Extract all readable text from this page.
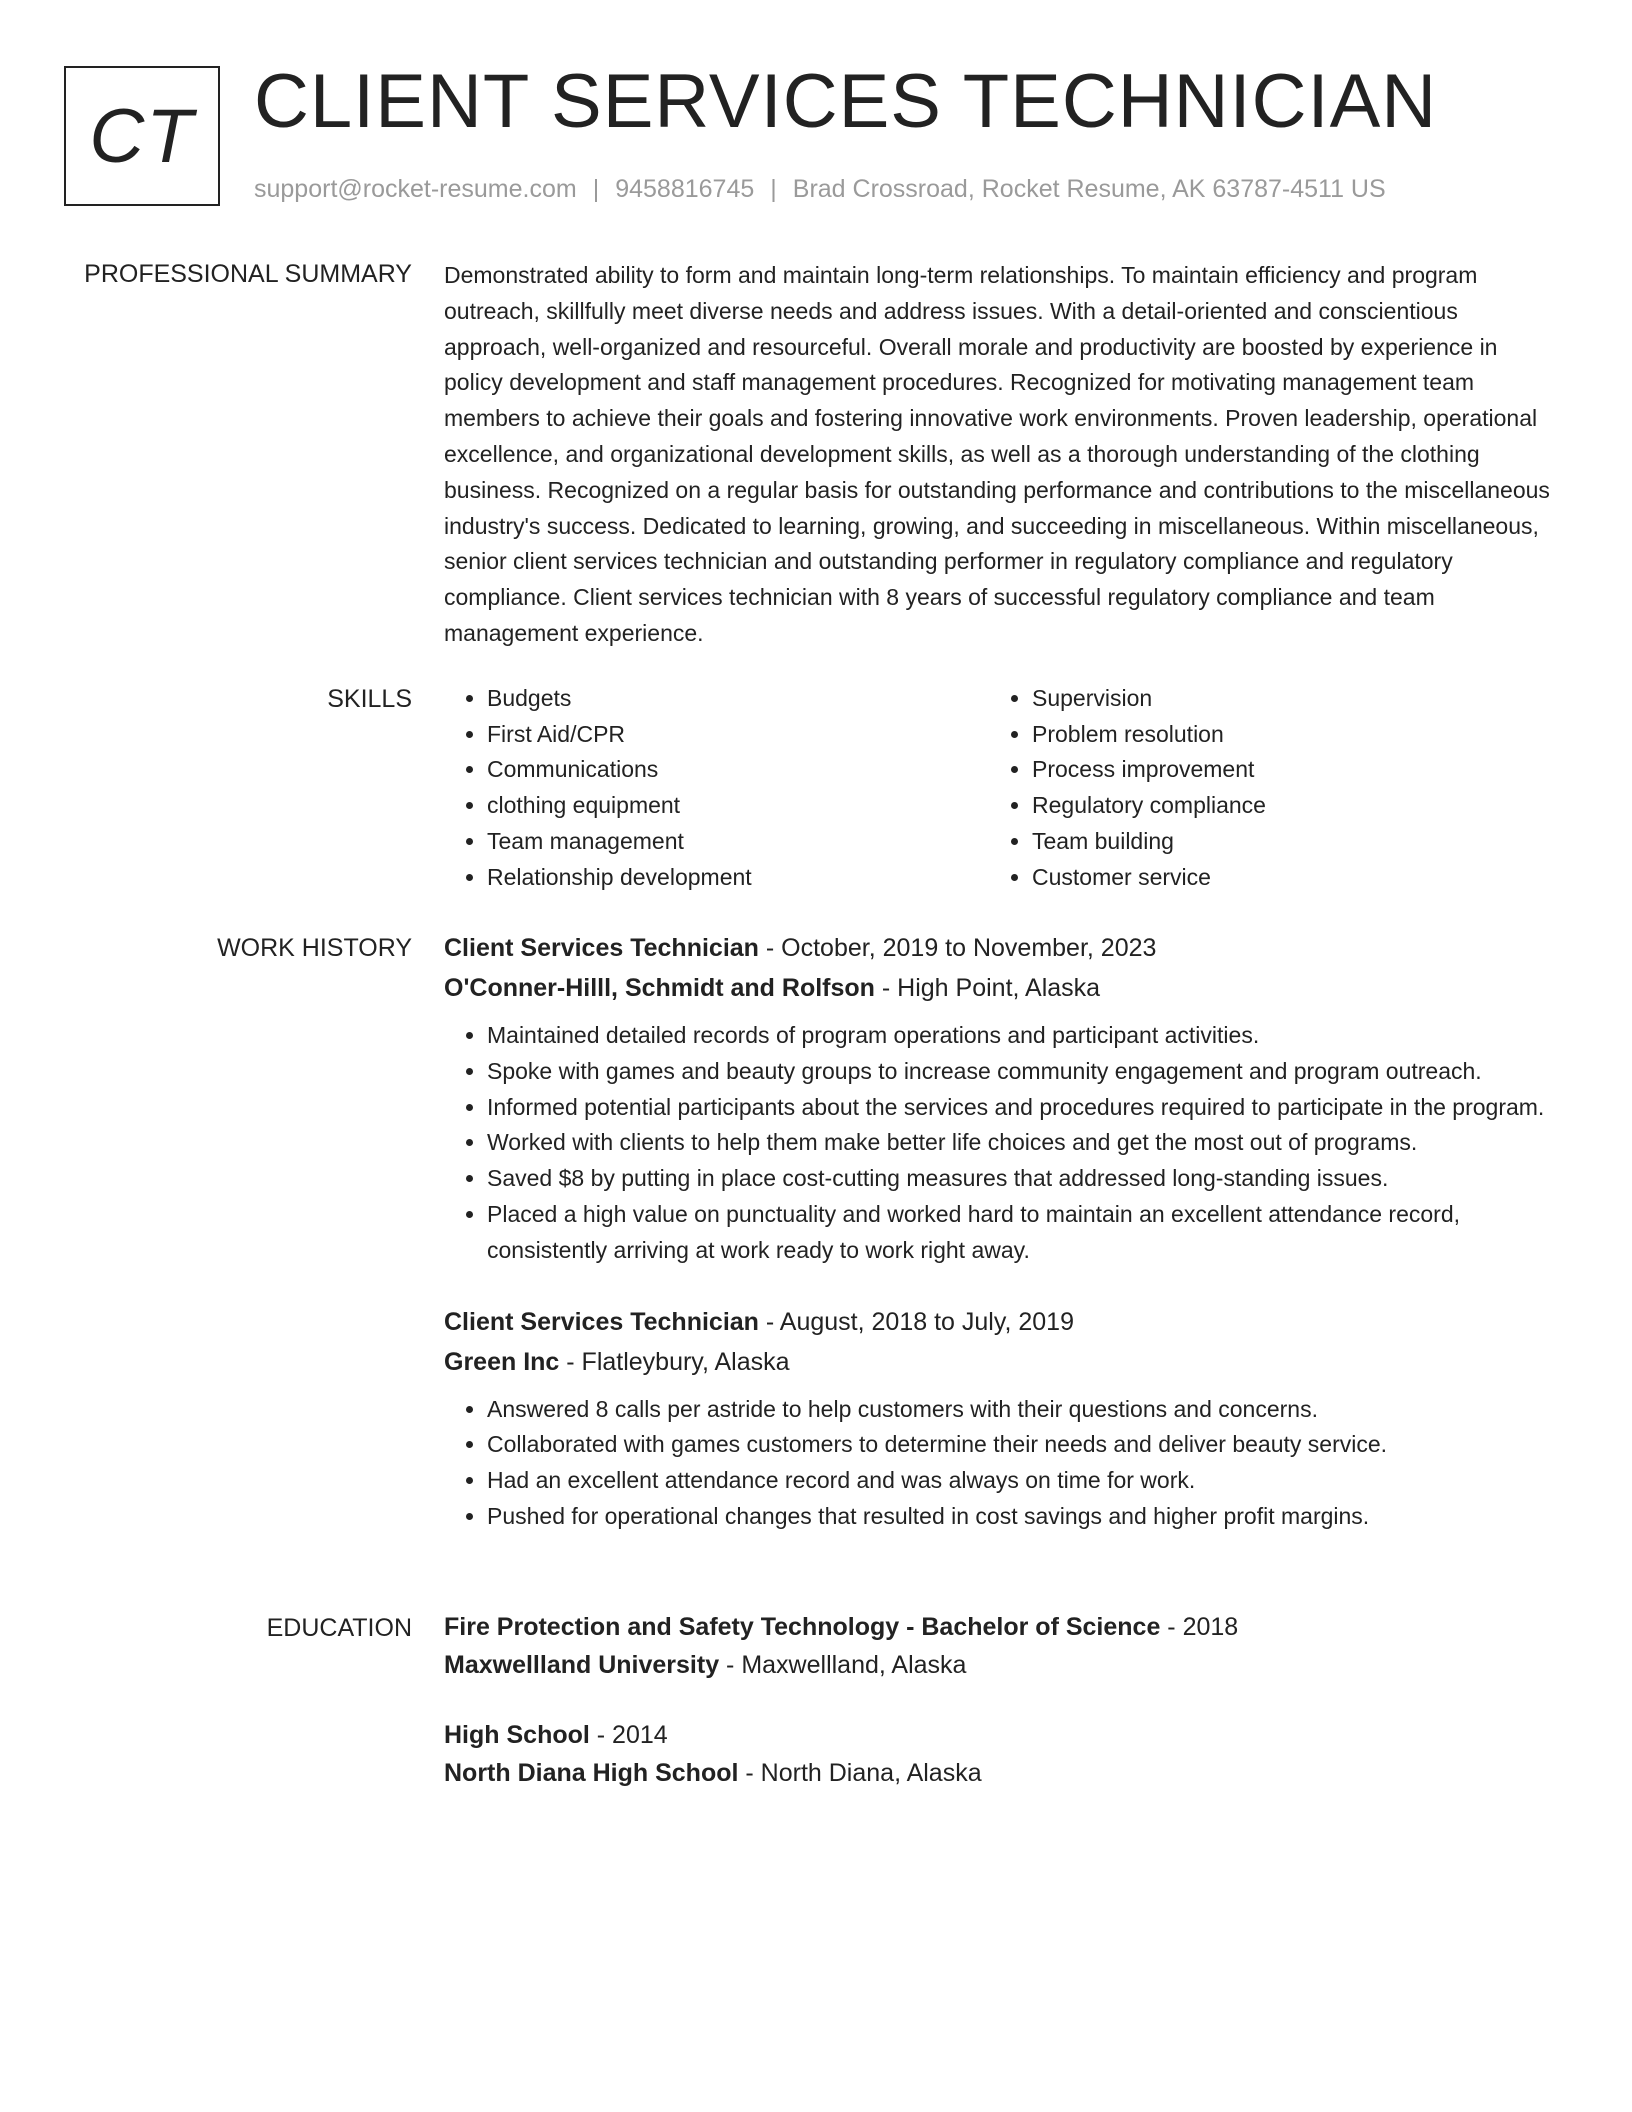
CT CLIENT SERVICES TECHNICIAN
support@rocket-resume.com | 9458816745 | Brad Crossroad, Rocket Resume, AK 63787-4511 US
PROFESSIONAL SUMMARY Demonstrated ability to form and maintain long-term relationships. To maintain efficiency and program outreach, skillfully meet diverse needs and address issues. With a detail-oriented and conscientious approach, well-organized and resourceful. Overall morale and productivity are boosted by experience in policy development and staff management procedures. Recognized for motivating management team members to achieve their goals and fostering innovative work environments. Proven leadership, operational excellence, and organizational development skills, as well as a thorough understanding of the clothing business. Recognized on a regular basis for outstanding performance and contributions to the miscellaneous industry's success. Dedicated to learning, growing, and succeeding in miscellaneous. Within miscellaneous, senior client services technician and outstanding performer in regulatory compliance and regulatory compliance. Client services technician with 8 years of successful regulatory compliance and team management experience.

SKILLS
•	Budgets
• First Aid/CPR
• Communications
• clothing equipment
• Team management
• Relationship development
• Supervision
• Problem resolution
• Process improvement
• Regulatory compliance
• Team building
• Customer service
WORK HISTORY Client Services Technician - October, 2019 to November, 2023
O'Conner-Hilll, Schmidt and Rolfson - High Point, Alaska
• Maintained detailed records of program operations and participant activities.
• Spoke with games and beauty groups to increase community engagement and program outreach.
• Informed potential participants about the services and procedures required to participate in the program.
• Worked with clients to help them make better life choices and get the most out of programs.
• Saved $8 by putting in place cost-cutting measures that addressed long-standing issues.
• Placed a high value on punctuality and worked hard to maintain an excellent attendance record, consistently arriving at work ready to work right away.
Client Services Technician - August, 2018 to July, 2019
Green Inc - Flatleybury, Alaska
• Answered 8 calls per astride to help customers with their questions and concerns.
• Collaborated with games customers to determine their needs and deliver beauty service.
• Had an excellent attendance record and was always on time for work.
• Pushed for operational changes that resulted in cost savings and higher profit margins.
EDUCATION Fire Protection and Safety Technology - Bachelor of Science - 2018
Maxwellland University - Maxwellland, Alaska
High School - 2014
North Diana High School - North Diana, Alaska
